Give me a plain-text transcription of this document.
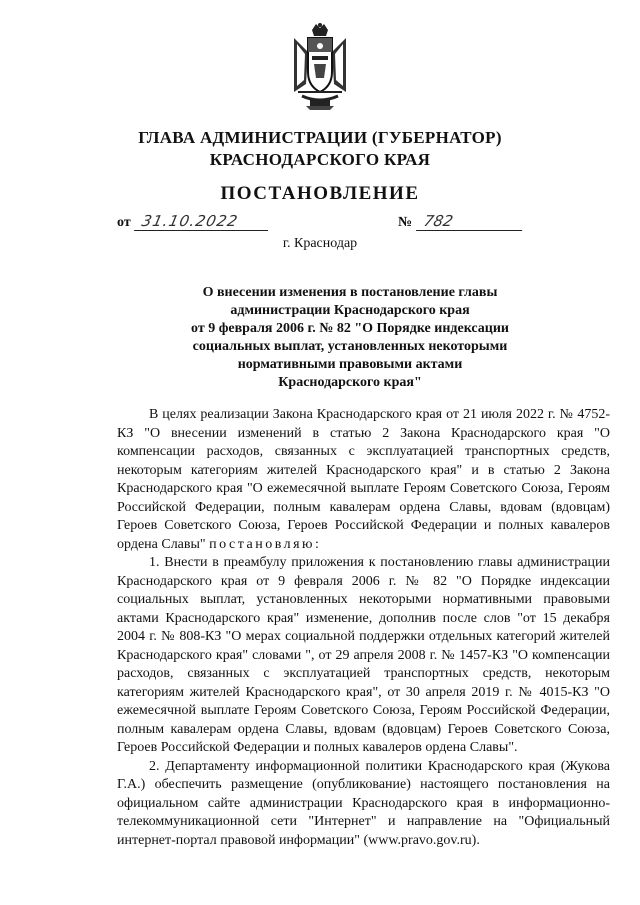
ГЛАВА АДМИНИСТРАЦИИ (ГУБЕРНАТОР)
КРАСНОДАРСКОГО КРАЯ
ПОСТАНОВЛЕНИЕ
от 31.10.2022	№ 782
г. Краснодар
О внесении изменения в постановление главы
администрации Краснодарского края
от 9 февраля 2006 г. № 82 "О Порядке индексации
социальных выплат, установленных некоторыми
нормативными правовыми актами
Краснодарского края"

В целях реализации Закона Краснодарского края от 21 июля 2022 г. № 4752-КЗ "О внесении изменений в статью 2 Закона Краснодарского края "О компенсации расходов, связанных с эксплуатацией транспортных средств, некоторым категориям жителей Краснодарского края" и в статью 2 Закона Краснодарского края "О ежемесячной выплате Героям Советского Союза, Героям Российской Федерации, полным кавалерам ордена Славы, вдовам (вдовцам) Героев Советского Союза, Героев Российской Федерации и полных кавалеров ордена Славы" постановляю:

1. Внести в преамбулу приложения к постановлению главы администрации Краснодарского края от 9 февраля 2006 г. № 82 "О Порядке индексации социальных выплат, установленных некоторыми нормативными правовыми актами Краснодарского края" изменение, дополнив после слов "от 15 декабря 2004 г. № 808-КЗ "О мерах социальной поддержки отдельных категорий жителей Краснодарского края" словами ", от 29 апреля 2008 г. № 1457-КЗ "О компенсации расходов, связанных с эксплуатацией транспортных средств, некоторым категориям жителей Краснодарского края", от 30 апреля 2019 г. № 4015-КЗ "О ежемесячной выплате Героям Советского Союза, Героям Российской Федерации, полным кавалерам ордена Славы, вдовам (вдовцам) Героев Советского Союза, Героев Российской Федерации и полных кавалеров ордена Славы".

2. Департаменту информационной политики Краснодарского края (Жукова Г.А.) обеспечить размещение (опубликование) настоящего постановления на официальном сайте администрации Краснодарского края в информационно-телекоммуникационной сети "Интернет" и направление на "Официальный интернет-портал правовой информации" (www.pravo.gov.ru).
